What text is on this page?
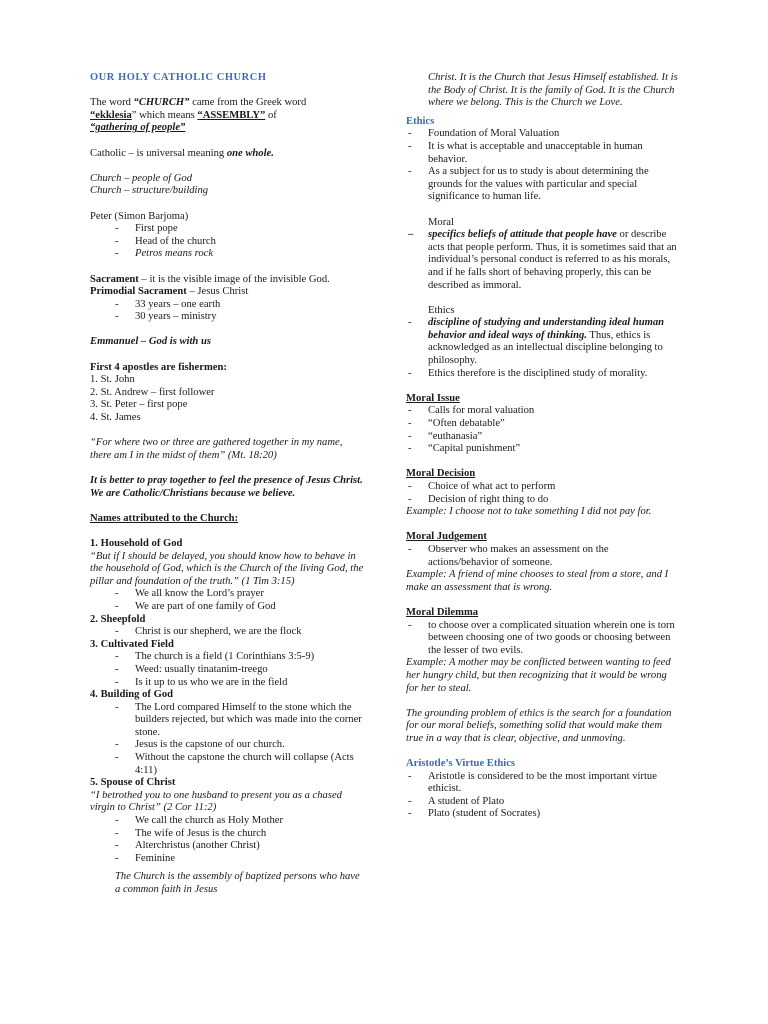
OUR HOLY CATHOLIC CHURCH

The word “CHURCH” came from the Greek word
“ekklesia” which means “ASSEMBLY” of
“gathering of people”

Catholic – is universal meaning one whole.

Church – people of God

Church – structure/building

Peter (Simon Barjoma)

- First pope
- Head of the church
- Petros means rock

Sacrament – it is the visible image of the invisible God.

Primodial Sacrament – Jesus Christ

- 33 years – one earth
- 30 years – ministry

Emmanuel – God is with us

First 4 apostles are fishermen:

1. St. John

2. St. Andrew – first follower

3. St. Peter – first pope

4. St. James

“For where two or three are gathered together in my name, there am I in the midst of them” (Mt. 18:20)

It is better to pray together to feel the presence of Jesus Christ. We are Catholic/Christians because we believe.

Names attributed to the Church:

1. Household of God

“But if I should be delayed, you should know how to behave in the household of God, which is the Church of the living God, the pillar and foundation of the truth.” (1 Tim 3:15)

- We all know the Lord’s prayer
- We are part of one family of God

2. Sheepfold

- Christ is our shepherd, we are the flock

3. Cultivated Field

- The church is a field (1 Corinthians 3:5-9)
- Weed: usually tinatanim-treego
- Is it up to us who we are in the field

4. Building of God

- The Lord compared Himself to the stone which the builders rejected, but which was made into the corner stone.
- Jesus is the capstone of our church.
- Without the capstone the church will collapse (Acts 4:11)

5. Spouse of Christ

“I betrothed you to one husband to present you as a chased virgin to Christ” (2 Cor 11:2)

- We call the church as Holy Mother
- The wife of Jesus is the church
- Alterchristus (another Christ)
- Feminine

The Church is the assembly of baptized persons who have a common faith in Jesus

Christ. It is the Church that Jesus Himself established. It is the Body of Christ. It is the family of God. It is the Church where we belong. This is the Church we Love.

Ethics

- Foundation of Moral Valuation
- It is what is acceptable and unacceptable in human behavior.
- As a subject for us to study is about determining the grounds for the values with particular and special significance to human life.

Moral

– specifics beliefs of attitude that people have or describe acts that people perform. Thus, it is sometimes said that an individual’s personal conduct is referred to as his morals, and if he falls short of behaving properly, this can be described as immoral.

Ethics

- discipline of studying and understanding ideal human behavior and ideal ways of thinking. Thus, ethics is acknowledged as an intellectual discipline belonging to philosophy.
- Ethics therefore is the disciplined study of morality.

Moral Issue

- Calls for moral valuation
- “Often debatable”
- “euthanasia”
- “Capital punishment”

Moral Decision

- Choice of what act to perform
- Decision of right thing to do

Example: I choose not to take something I did not pay for.

Moral Judgement

- Observer who makes an assessment on the actions/behavior of someone.

Example: A friend of mine chooses to steal from a store, and I make an assessment that is wrong.

Moral Dilemma

- to choose over a complicated situation wherein one is torn between choosing one of two goods or choosing between the lesser of two evils.

Example: A mother may be conflicted between wanting to feed her hungry child, but then recognizing that it would be wrong for her to steal.

The grounding problem of ethics is the search for a foundation for our moral beliefs, something solid that would make them true in a way that is clear, objective, and unmoving.

Aristotle’s Virtue Ethics

- Aristotle is considered to be the most important virtue ethicist.
- A student of Plato
- Plato (student of Socrates)
